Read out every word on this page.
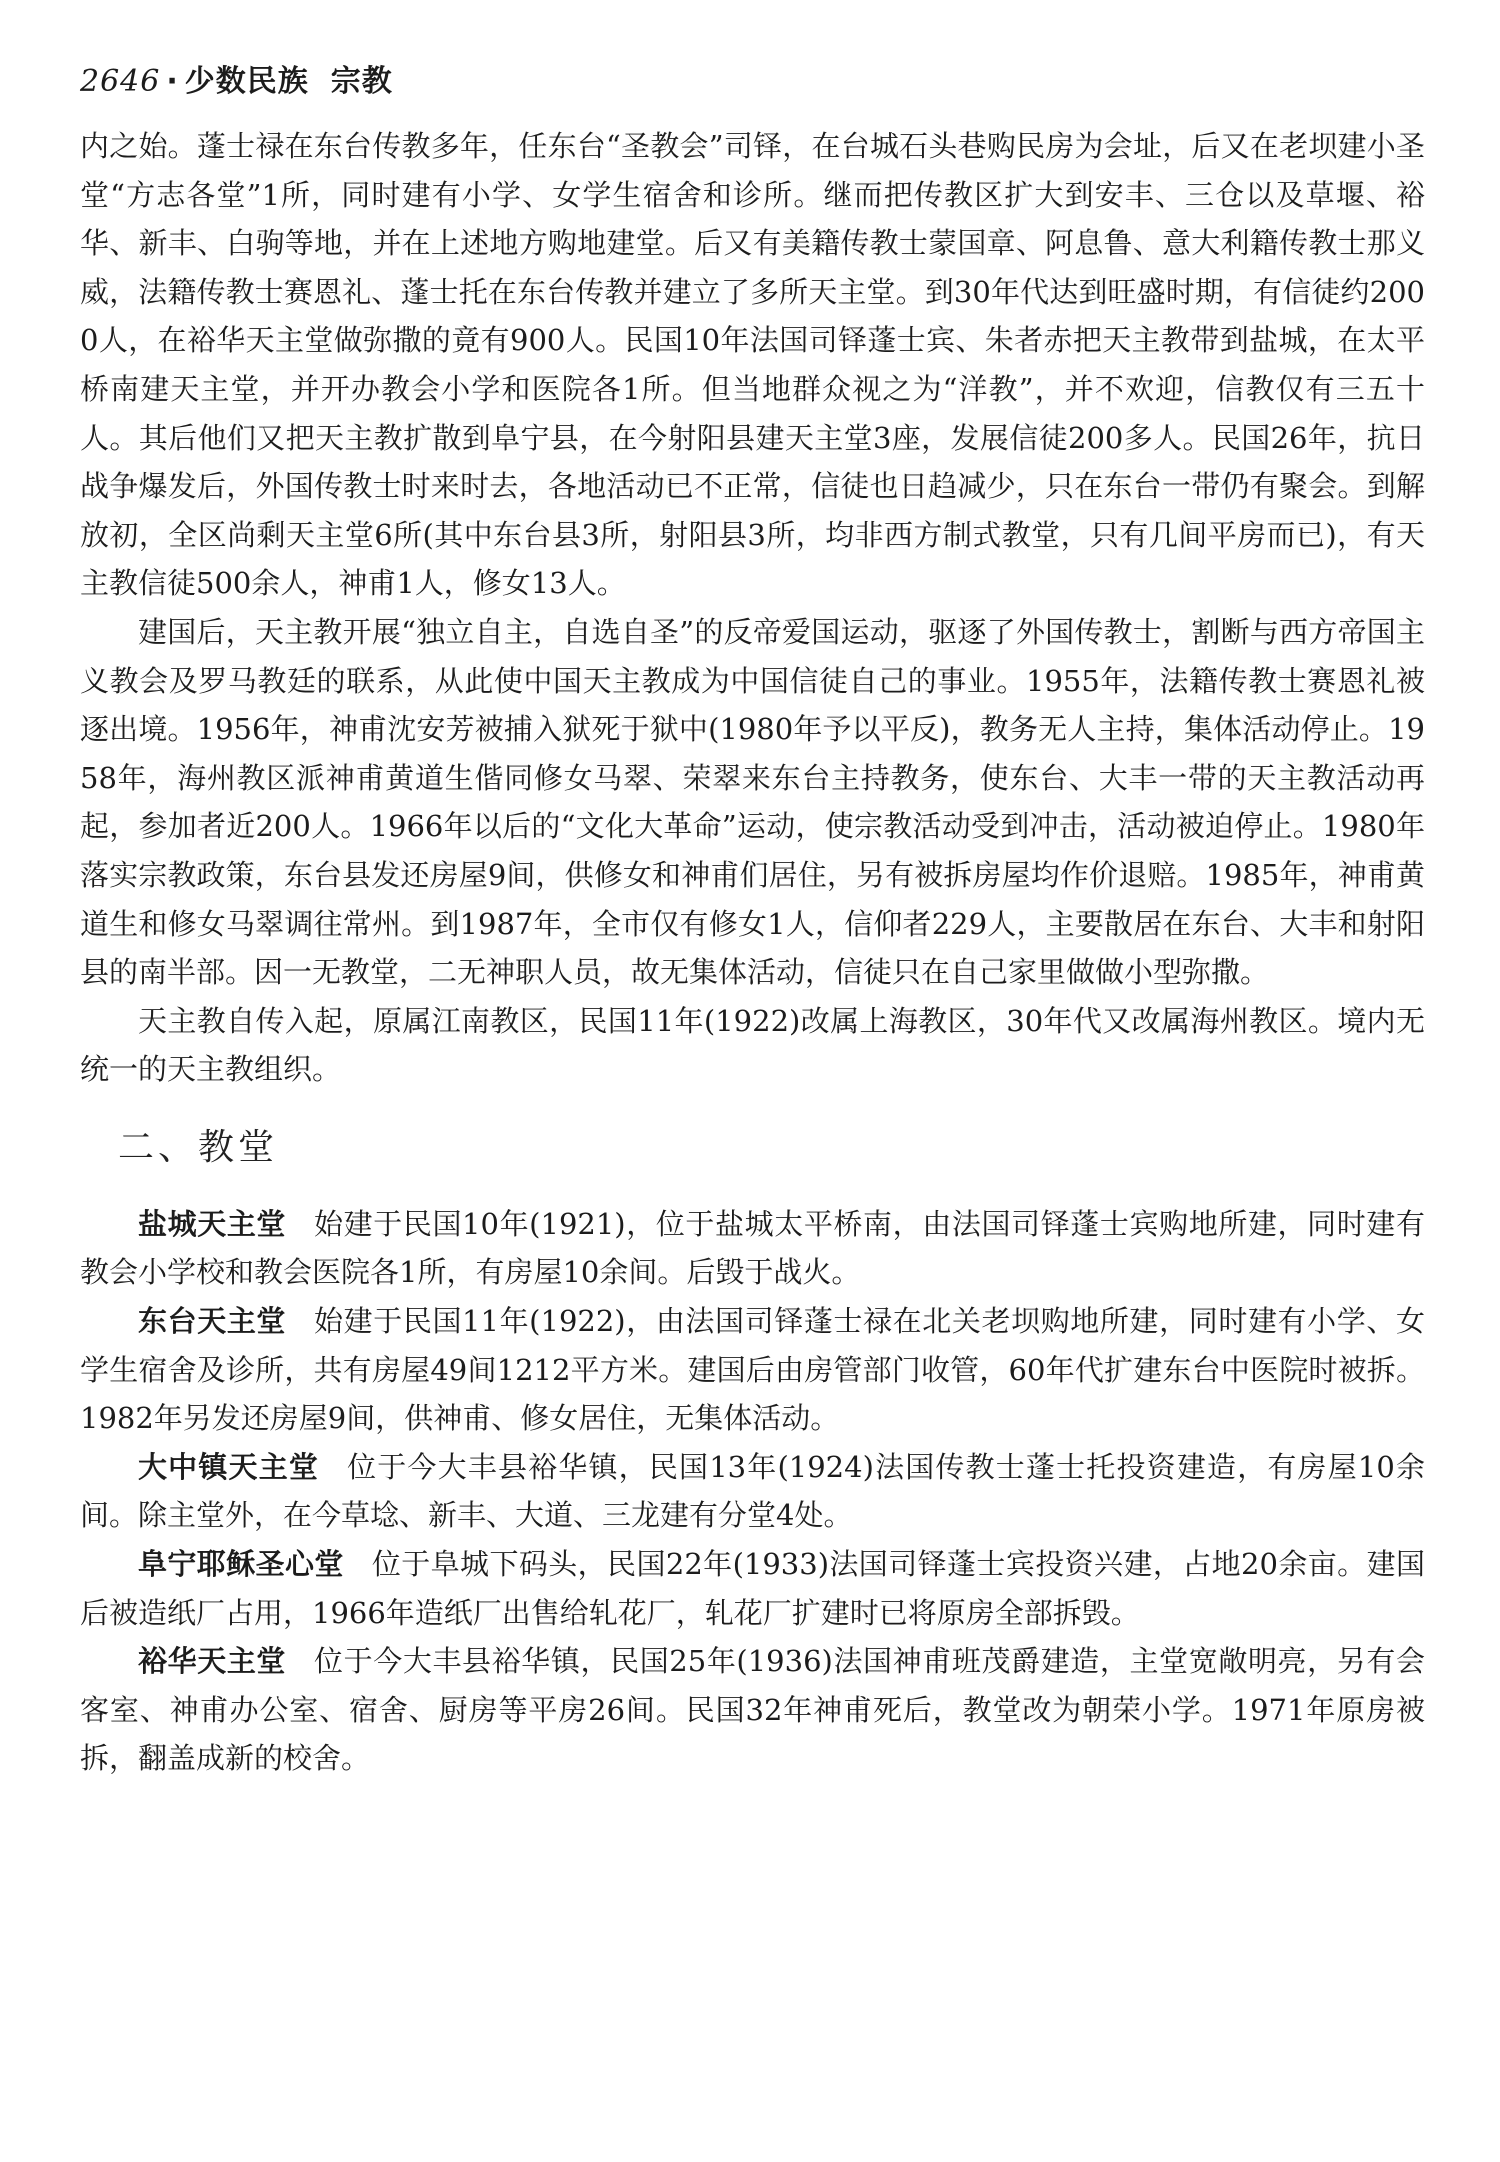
2646 · 少数民族 宗教

内之始。蓬士禄在东台传教多年，任东台“圣教会”司铎，在台城石头巷购民房为会址，后又在老坝建小圣堂“方志各堂”1所，同时建有小学、女学生宿舍和诊所。继而把传教区扩大到安丰、三仓以及草堰、裕华、新丰、白驹等地，并在上述地方购地建堂。后又有美籍传教士蒙国章、阿息鲁、意大利籍传教士那义威，法籍传教士赛恩礼、蓬士托在东台传教并建立了多所天主堂。到30年代达到旺盛时期，有信徒约2000人，在裕华天主堂做弥撒的竟有900人。民国10年法国司铎蓬士宾、朱者赤把天主教带到盐城，在太平桥南建天主堂，并开办教会小学和医院各1所。但当地群众视之为“洋教”，并不欢迎，信教仅有三五十人。其后他们又把天主教扩散到阜宁县，在今射阳县建天主堂3座，发展信徒200多人。民国26年，抗日战争爆发后，外国传教士时来时去，各地活动已不正常，信徒也日趋减少，只在东台一带仍有聚会。到解放初，全区尚剩天主堂6所(其中东台县3所，射阳县3所，均非西方制式教堂，只有几间平房而已)，有天主教信徒500余人，神甫1人，修女13人。

建国后，天主教开展“独立自主，自选自圣”的反帝爱国运动，驱逐了外国传教士，割断与西方帝国主义教会及罗马教廷的联系，从此使中国天主教成为中国信徒自己的事业。1955年，法籍传教士赛恩礼被逐出境。1956年，神甫沈安芳被捕入狱死于狱中(1980年予以平反)，教务无人主持，集体活动停止。1958年，海州教区派神甫黄道生偕同修女马翠、荣翠来东台主持教务，使东台、大丰一带的天主教活动再起，参加者近200人。1966年以后的“文化大革命”运动，使宗教活动受到冲击，活动被迫停止。1980年落实宗教政策，东台县发还房屋9间，供修女和神甫们居住，另有被拆房屋均作价退赔。1985年，神甫黄道生和修女马翠调往常州。到1987年，全市仅有修女1人，信仰者229人，主要散居在东台、大丰和射阳县的南半部。因一无教堂，二无神职人员，故无集体活动，信徒只在自己家里做做小型弥撒。

天主教自传入起，原属江南教区，民国11年(1922)改属上海教区，30年代又改属海州教区。境内无统一的天主教组织。

二、教堂

盐城天主堂 始建于民国10年(1921)，位于盐城太平桥南，由法国司铎蓬士宾购地所建，同时建有教会小学校和教会医院各1所，有房屋10余间。后毁于战火。

东台天主堂 始建于民国11年(1922)，由法国司铎蓬士禄在北关老坝购地所建，同时建有小学、女学生宿舍及诊所，共有房屋49间1212平方米。建国后由房管部门收管，60年代扩建东台中医院时被拆。1982年另发还房屋9间，供神甫、修女居住，无集体活动。

大中镇天主堂 位于今大丰县裕华镇，民国13年(1924)法国传教士蓬士托投资建造，有房屋10余间。除主堂外，在今草埝、新丰、大道、三龙建有分堂4处。

阜宁耶稣圣心堂 位于阜城下码头，民国22年(1933)法国司铎蓬士宾投资兴建，占地20余亩。建国后被造纸厂占用，1966年造纸厂出售给轧花厂，轧花厂扩建时已将原房全部拆毁。

裕华天主堂 位于今大丰县裕华镇，民国25年(1936)法国神甫班茂爵建造，主堂宽敞明亮，另有会客室、神甫办公室、宿舍、厨房等平房26间。民国32年神甫死后，教堂改为朝荣小学。1971年原房被拆，翻盖成新的校舍。
